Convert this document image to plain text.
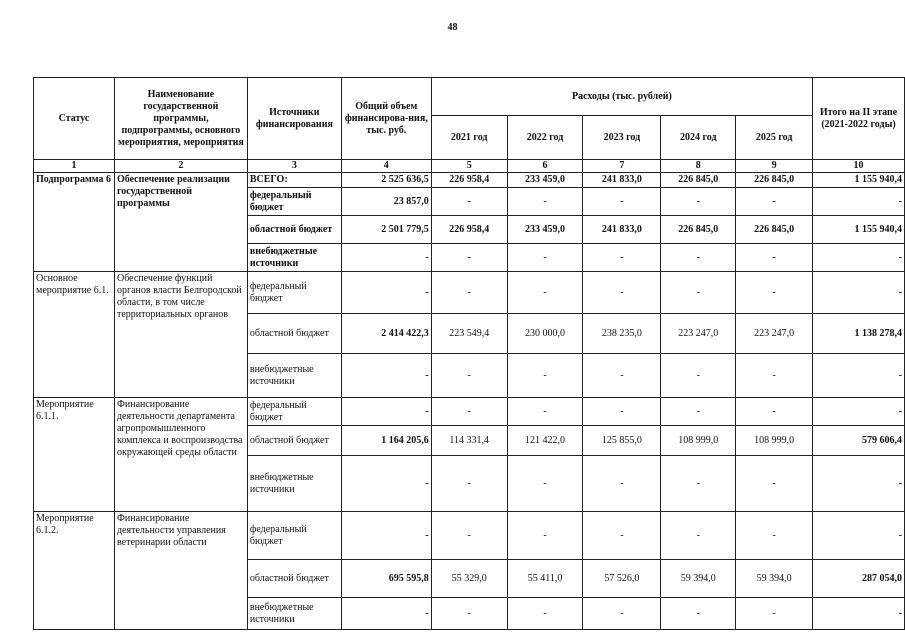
48
Статус	Наименование государственной программы, подпрограммы, основного мероприятия, мероприятия	Источники финансирования	Общий объем финансирова-ния, тыс. руб.	Расходы (тыс. рублей)					Итого на II этапе (2021-2022 годы)
				2021 год	2022 год	2023 год	2024 год	2025 год	
1	2	3	4	5	6	7	8	9	10
Подпрограмма 6	Обеспечение реализации государственной программы	ВСЕГО:	2 525 636,5	226 958,4	233 459,0	241 833,0	226 845,0	226 845,0	1 155 940,4
		федеральный бюджет	23 857,0	-	-	-	-	-	-
		областной бюджет	2 501 779,5	226 958,4	233 459,0	241 833,0	226 845,0	226 845,0	1 155 940,4
		внебюджетные источники	-	-	-	-	-	-	-
Основное мероприятие 6.1.	Обеспечение функций органов власти Белгородской области, в том числе территориальных органов	федеральный бюджет	-	-	-	-	-	-	-
		областной бюджет	2 414 422,3	223 549,4	230 000,0	238 235,0	223 247,0	223 247,0	1 138 278,4
		внебюджетные источники	-	-	-	-	-	-	-
Мероприятие 6.1.1.	Финансирование деятельности департамента агропромышленного комплекса и воспроизводства окружающей среды области	федеральный бюджет	-	-	-	-	-	-	-
		областной бюджет	1 164 205,6	114 331,4	121 422,0	125 855,0	108 999,0	108 999,0	579 606,4
		внебюджетные источники	-	-	-	-	-	-	-
Мероприятие 6.1.2.	Финансирование деятельности управления ветеринарии области	федеральный бюджет	-	-	-	-	-	-	-
		областной бюджет	695 595,8	55 329,0	55 411,0	57 526,0	59 394,0	59 394,0	287 054,0
		внебюджетные источники	-	-	-	-	-	-	-
